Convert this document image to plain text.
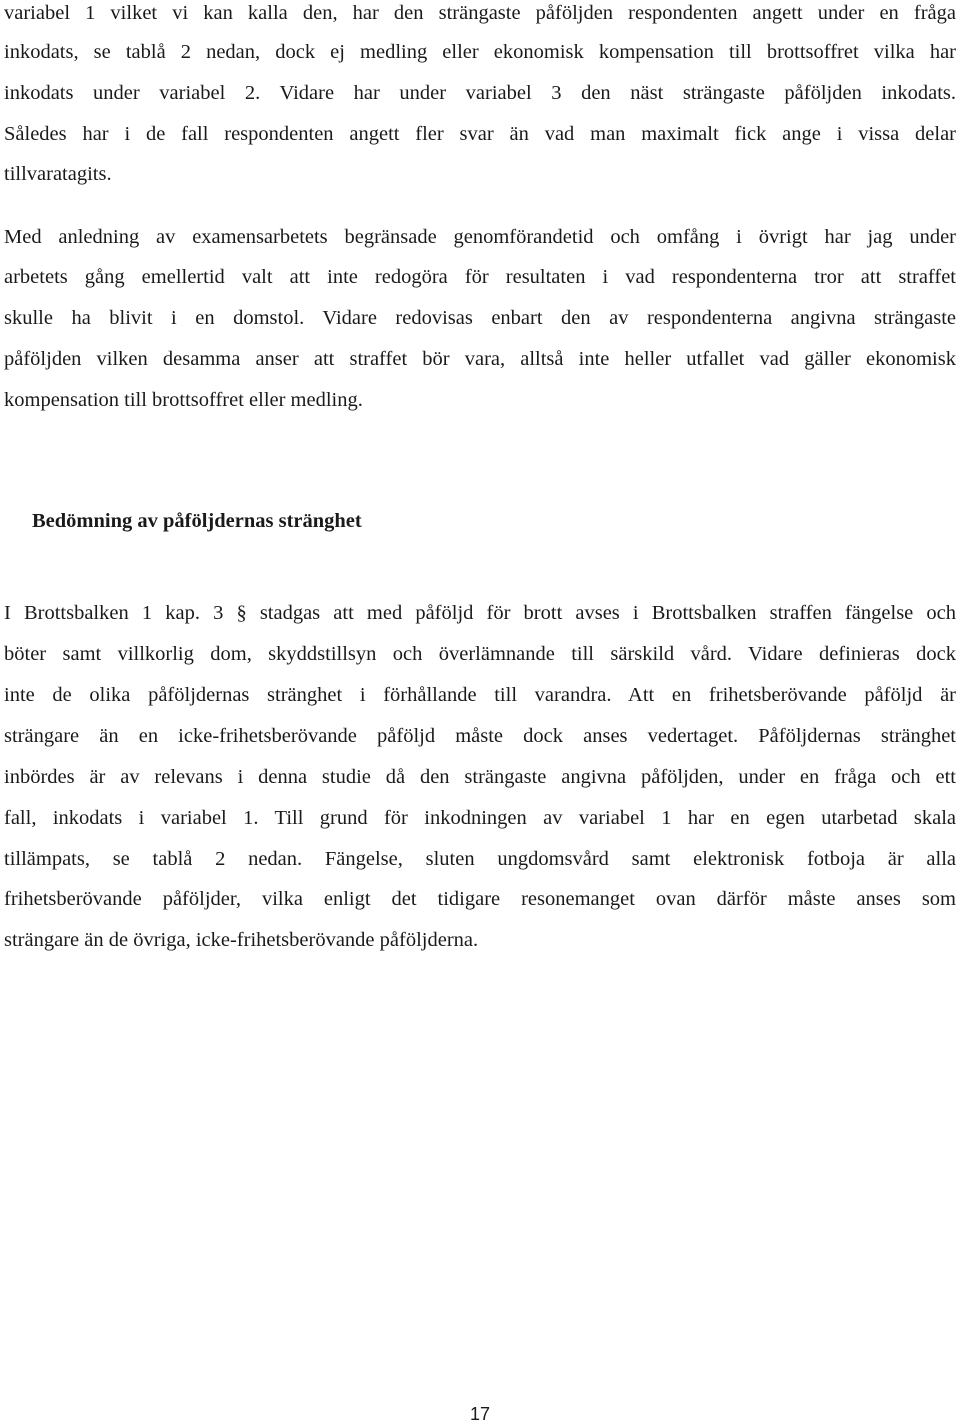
variabel 1 vilket vi kan kalla den, har den strängaste påföljden respondenten angett under en fråga
inkodats, se tablå 2 nedan, dock ej medling eller ekonomisk kompensation till brottsoffret vilka har
inkodats under variabel 2. Vidare har under variabel 3 den näst strängaste påföljden inkodats.
Således har i de fall respondenten angett fler svar än vad man maximalt fick ange i vissa delar
tillvaratagits.
Med anledning av examensarbetets begränsade genomförandetid och omfång i övrigt har jag under
arbetets gång emellertid valt att inte redogöra för resultaten i vad respondenterna tror att straffet
skulle ha blivit i en domstol. Vidare redovisas enbart den av respondenterna angivna strängaste
påföljden vilken desamma anser att straffet bör vara, alltså inte heller utfallet vad gäller ekonomisk
kompensation till brottsoffret eller medling.
Bedömning av påföljdernas stränghet
I Brottsbalken 1 kap. 3 § stadgas att med påföljd för brott avses i Brottsbalken straffen fängelse och
böter samt villkorlig dom, skyddstillsyn och överlämnande till särskild vård. Vidare definieras dock
inte de olika påföljdernas stränghet i förhållande till varandra. Att en frihetsberövande påföljd är
strängare än en icke-frihetsberövande påföljd måste dock anses vedertaget. Påföljdernas stränghet
inbördes är av relevans i denna studie då den strängaste angivna påföljden, under en fråga och ett
fall, inkodats i variabel 1. Till grund för inkodningen av variabel 1 har en egen utarbetad skala
tillämpats, se tablå 2 nedan. Fängelse, sluten ungdomsvård samt elektronisk fotboja är alla
frihetsberövande påföljder, vilka enligt det tidigare resonemanget ovan därför måste anses som
strängare än de övriga, icke-frihetsberövande påföljderna.
17
